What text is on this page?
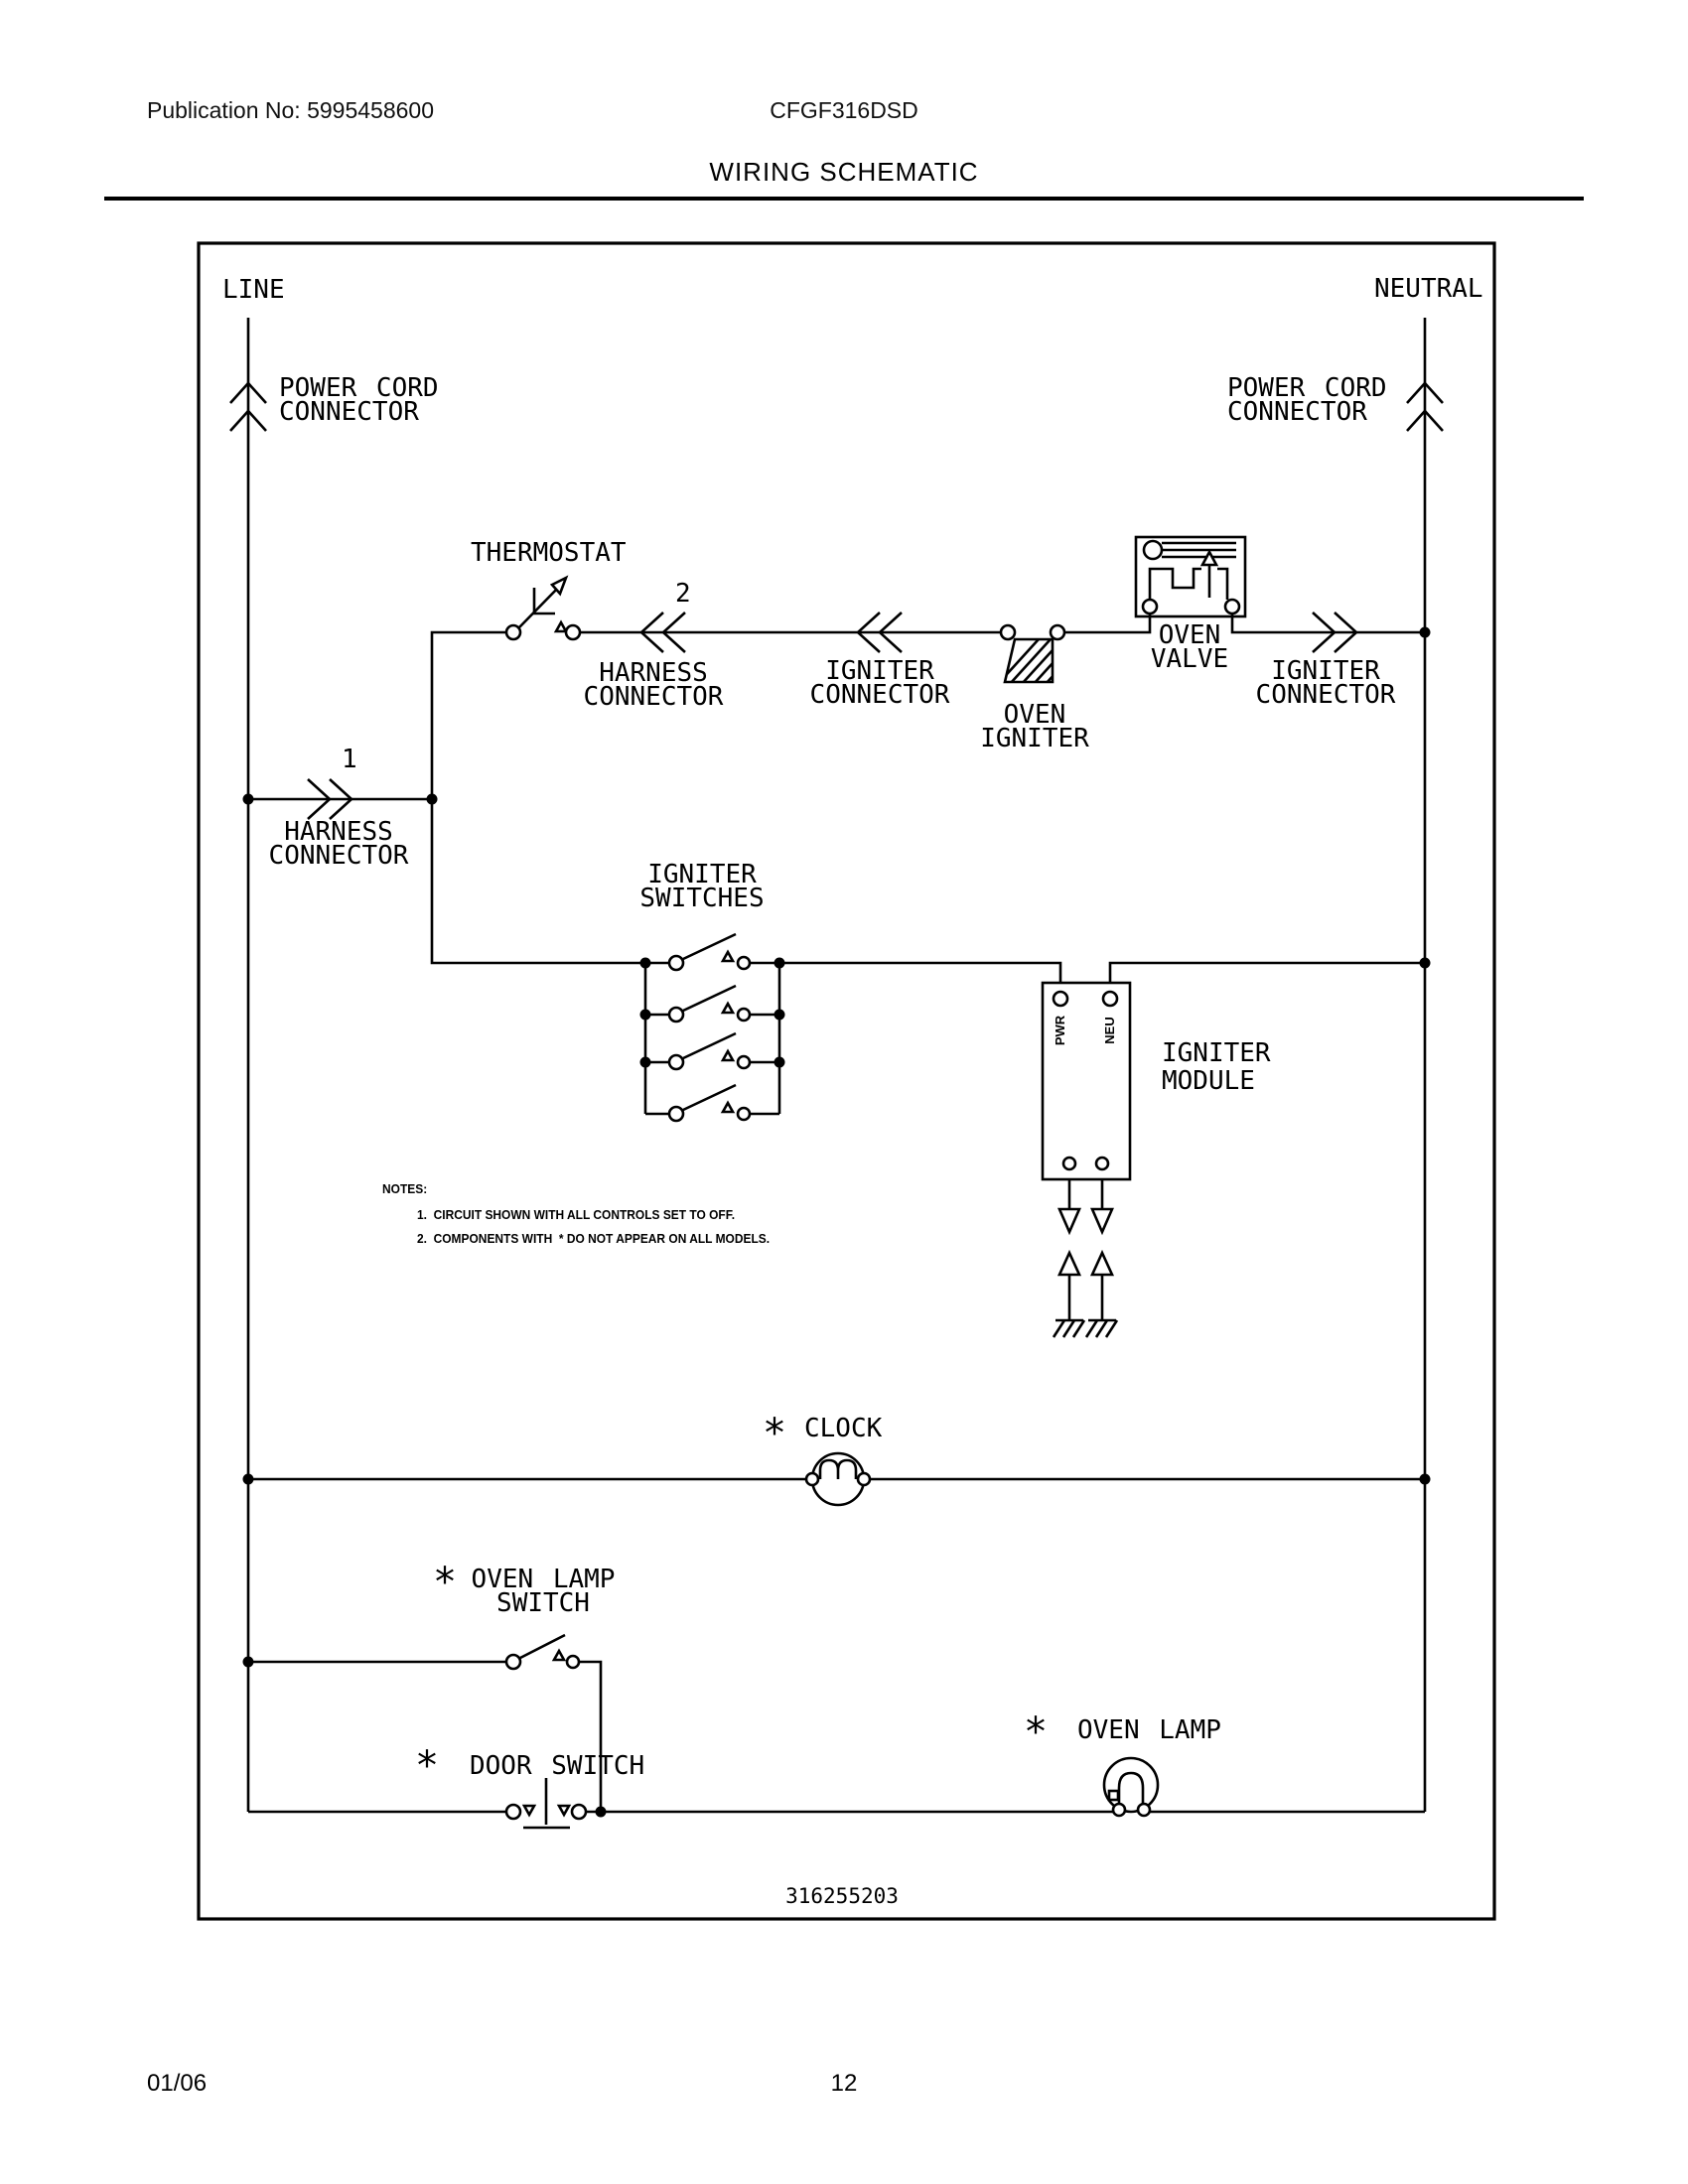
Publication No: 5995458600	CFGF316DSD
WIRING SCHEMATIC
PWR	NEU
LINE	NEUTRAL
POWER CORD
CONNECTOR
POWER CORD
CONNECTOR
THERMOSTAT
2
HARNESS
CONNECTOR
IGNITER
CONNECTOR
OVEN
IGNITER
OVEN
VALVE	IGNITER
CONNECTOR
1
HARNESS
CONNECTOR
IGNITER
SWITCHES
IGNITER
MODULE
NOTES:
1.  CIRCUIT SHOWN WITH ALL CONTROLS SET TO OFF.
2.  COMPONENTS WITH  * DO NOT APPEAR ON ALL MODELS.
* CLOCK
* OVEN LAMP
SWITCH
* DOOR SWITCH
* OVEN LAMP
316255203
01/06	12
